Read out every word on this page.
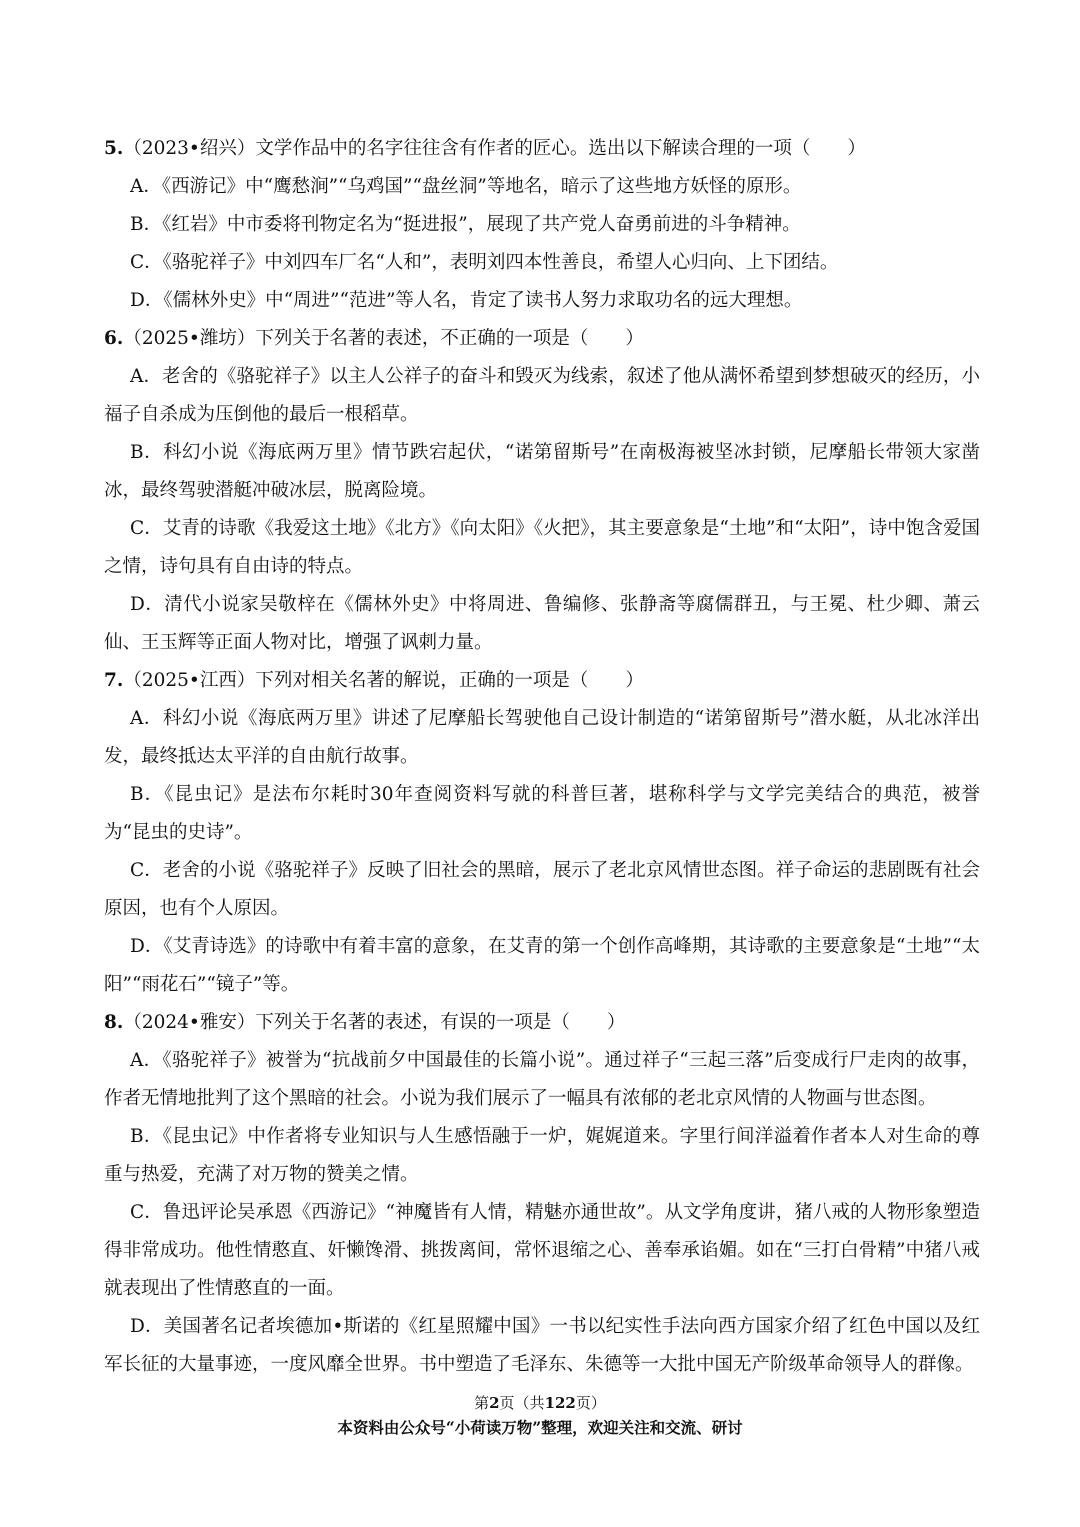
5.（2023•绍兴）文学作品中的名字往往含有作者的匠心。选出以下解读合理的一项（　　）

A．《西游记》中“鹰愁涧”“乌鸡国”“盘丝洞”等地名，暗示了这些地方妖怪的原形。

B．《红岩》中市委将刊物定名为“挺进报”，展现了共产党人奋勇前进的斗争精神。

C．《骆驼祥子》中刘四车厂名“人和”，表明刘四本性善良，希望人心归向、上下团结。

D．《儒林外史》中“周进”“范进”等人名，肯定了读书人努力求取功名的远大理想。

6.（2025•潍坊）下列关于名著的表述，不正确的一项是（　　）

A．老舍的《骆驼祥子》以主人公祥子的奋斗和毁灭为线索，叙述了他从满怀希望到梦想破灭的经历，小福子自杀成为压倒他的最后一根稻草。

B．科幻小说《海底两万里》情节跌宕起伏，“诺第留斯号”在南极海被坚冰封锁，尼摩船长带领大家凿冰，最终驾驶潜艇冲破冰层，脱离险境。

C．艾青的诗歌《我爱这土地》《北方》《向太阳》《火把》，其主要意象是“土地”和“太阳”，诗中饱含爱国之情，诗句具有自由诗的特点。

D．清代小说家吴敬梓在《儒林外史》中将周进、鲁编修、张静斋等腐儒群丑，与王冕、杜少卿、萧云仙、王玉辉等正面人物对比，增强了讽刺力量。

7.（2025•江西）下列对相关名著的解说，正确的一项是（　　）

A．科幻小说《海底两万里》讲述了尼摩船长驾驶他自己设计制造的“诺第留斯号”潜水艇，从北冰洋出发，最终抵达太平洋的自由航行故事。

B．《昆虫记》是法布尔耗时30年查阅资料写就的科普巨著，堪称科学与文学完美结合的典范，被誉为“昆虫的史诗”。

C．老舍的小说《骆驼祥子》反映了旧社会的黑暗，展示了老北京风情世态图。祥子命运的悲剧既有社会原因，也有个人原因。

D．《艾青诗选》的诗歌中有着丰富的意象，在艾青的第一个创作高峰期，其诗歌的主要意象是“土地”“太阳”“雨花石”“镜子”等。

8.（2024•雅安）下列关于名著的表述，有误的一项是（　　）

A．《骆驼祥子》被誉为“抗战前夕中国最佳的长篇小说”。通过祥子“三起三落”后变成行尸走肉的故事，作者无情地批判了这个黑暗的社会。小说为我们展示了一幅具有浓郁的老北京风情的人物画与世态图。

B．《昆虫记》中作者将专业知识与人生感悟融于一炉，娓娓道来。字里行间洋溢着作者本人对生命的尊重与热爱，充满了对万物的赞美之情。

C．鲁迅评论吴承恩《西游记》“神魔皆有人情，精魅亦通世故”。从文学角度讲，猪八戒的人物形象塑造得非常成功。他性情憨直、奸懒馋滑、挑拨离间，常怀退缩之心、善奉承谄媚。如在“三打白骨精”中猪八戒就表现出了性情憨直的一面。

D．美国著名记者埃德加•斯诺的《红星照耀中国》一书以纪实性手法向西方国家介绍了红色中国以及红军长征的大量事迹，一度风靡全世界。书中塑造了毛泽东、朱德等一大批中国无产阶级革命领导人的群像。

第2页（共122页）
本资料由公众号“小荷读万物”整理，欢迎关注和交流、研讨
